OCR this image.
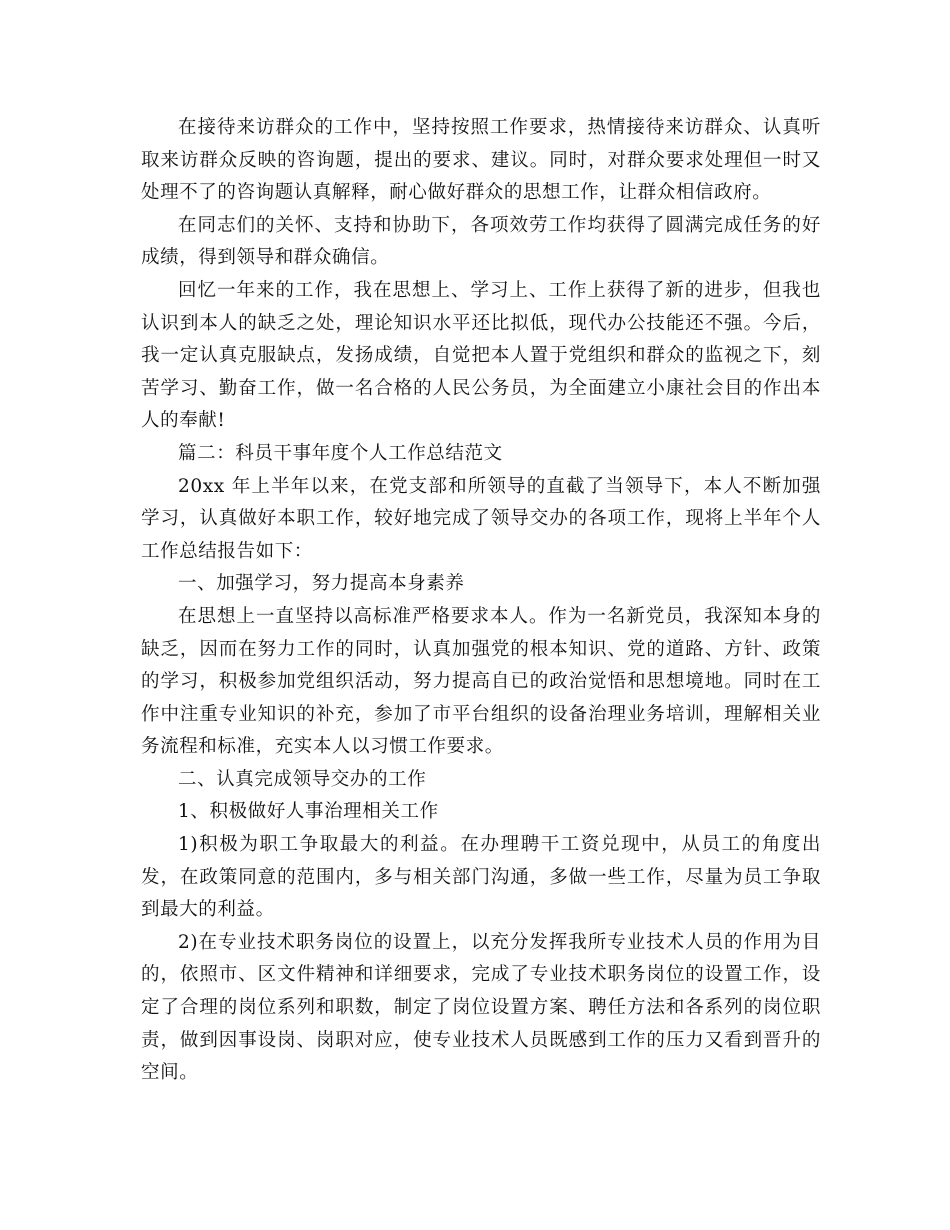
在接待来访群众的工作中，坚持按照工作要求，热情接待来访群众、认真听取来访群众反映的咨询题，提出的要求、建议。同时，对群众要求处理但一时又处理不了的咨询题认真解释，耐心做好群众的思想工作，让群众相信政府。

在同志们的关怀、支持和协助下，各项效劳工作均获得了圆满完成任务的好成绩，得到领导和群众确信。

回忆一年来的工作，我在思想上、学习上、工作上获得了新的进步，但我也认识到本人的缺乏之处，理论知识水平还比拟低，现代办公技能还不强。今后，我一定认真克服缺点，发扬成绩，自觉把本人置于党组织和群众的监视之下，刻苦学习、勤奋工作，做一名合格的人民公务员，为全面建立小康社会目的作出本人的奉献!

篇二：科员干事年度个人工作总结范文

20xx 年上半年以来，在党支部和所领导的直截了当领导下，本人不断加强学习，认真做好本职工作，较好地完成了领导交办的各项工作，现将上半年个人工作总结报告如下：

一、加强学习，努力提高本身素养

在思想上一直坚持以高标准严格要求本人。作为一名新党员，我深知本身的缺乏，因而在努力工作的同时，认真加强党的根本知识、党的道路、方针、政策的学习，积极参加党组织活动，努力提高自已的政治觉悟和思想境地。同时在工作中注重专业知识的补充，参加了市平台组织的设备治理业务培训，理解相关业务流程和标准，充实本人以习惯工作要求。

二、认真完成领导交办的工作

1、积极做好人事治理相关工作

1)积极为职工争取最大的利益。在办理聘干工资兑现中，从员工的角度出发，在政策同意的范围内，多与相关部门沟通，多做一些工作，尽量为员工争取到最大的利益。

2)在专业技术职务岗位的设置上，以充分发挥我所专业技术人员的作用为目的，依照市、区文件精神和详细要求，完成了专业技术职务岗位的设置工作，设定了合理的岗位系列和职数，制定了岗位设置方案、聘任方法和各系列的岗位职责，做到因事设岗、岗职对应，使专业技术人员既感到工作的压力又看到晋升的空间。
